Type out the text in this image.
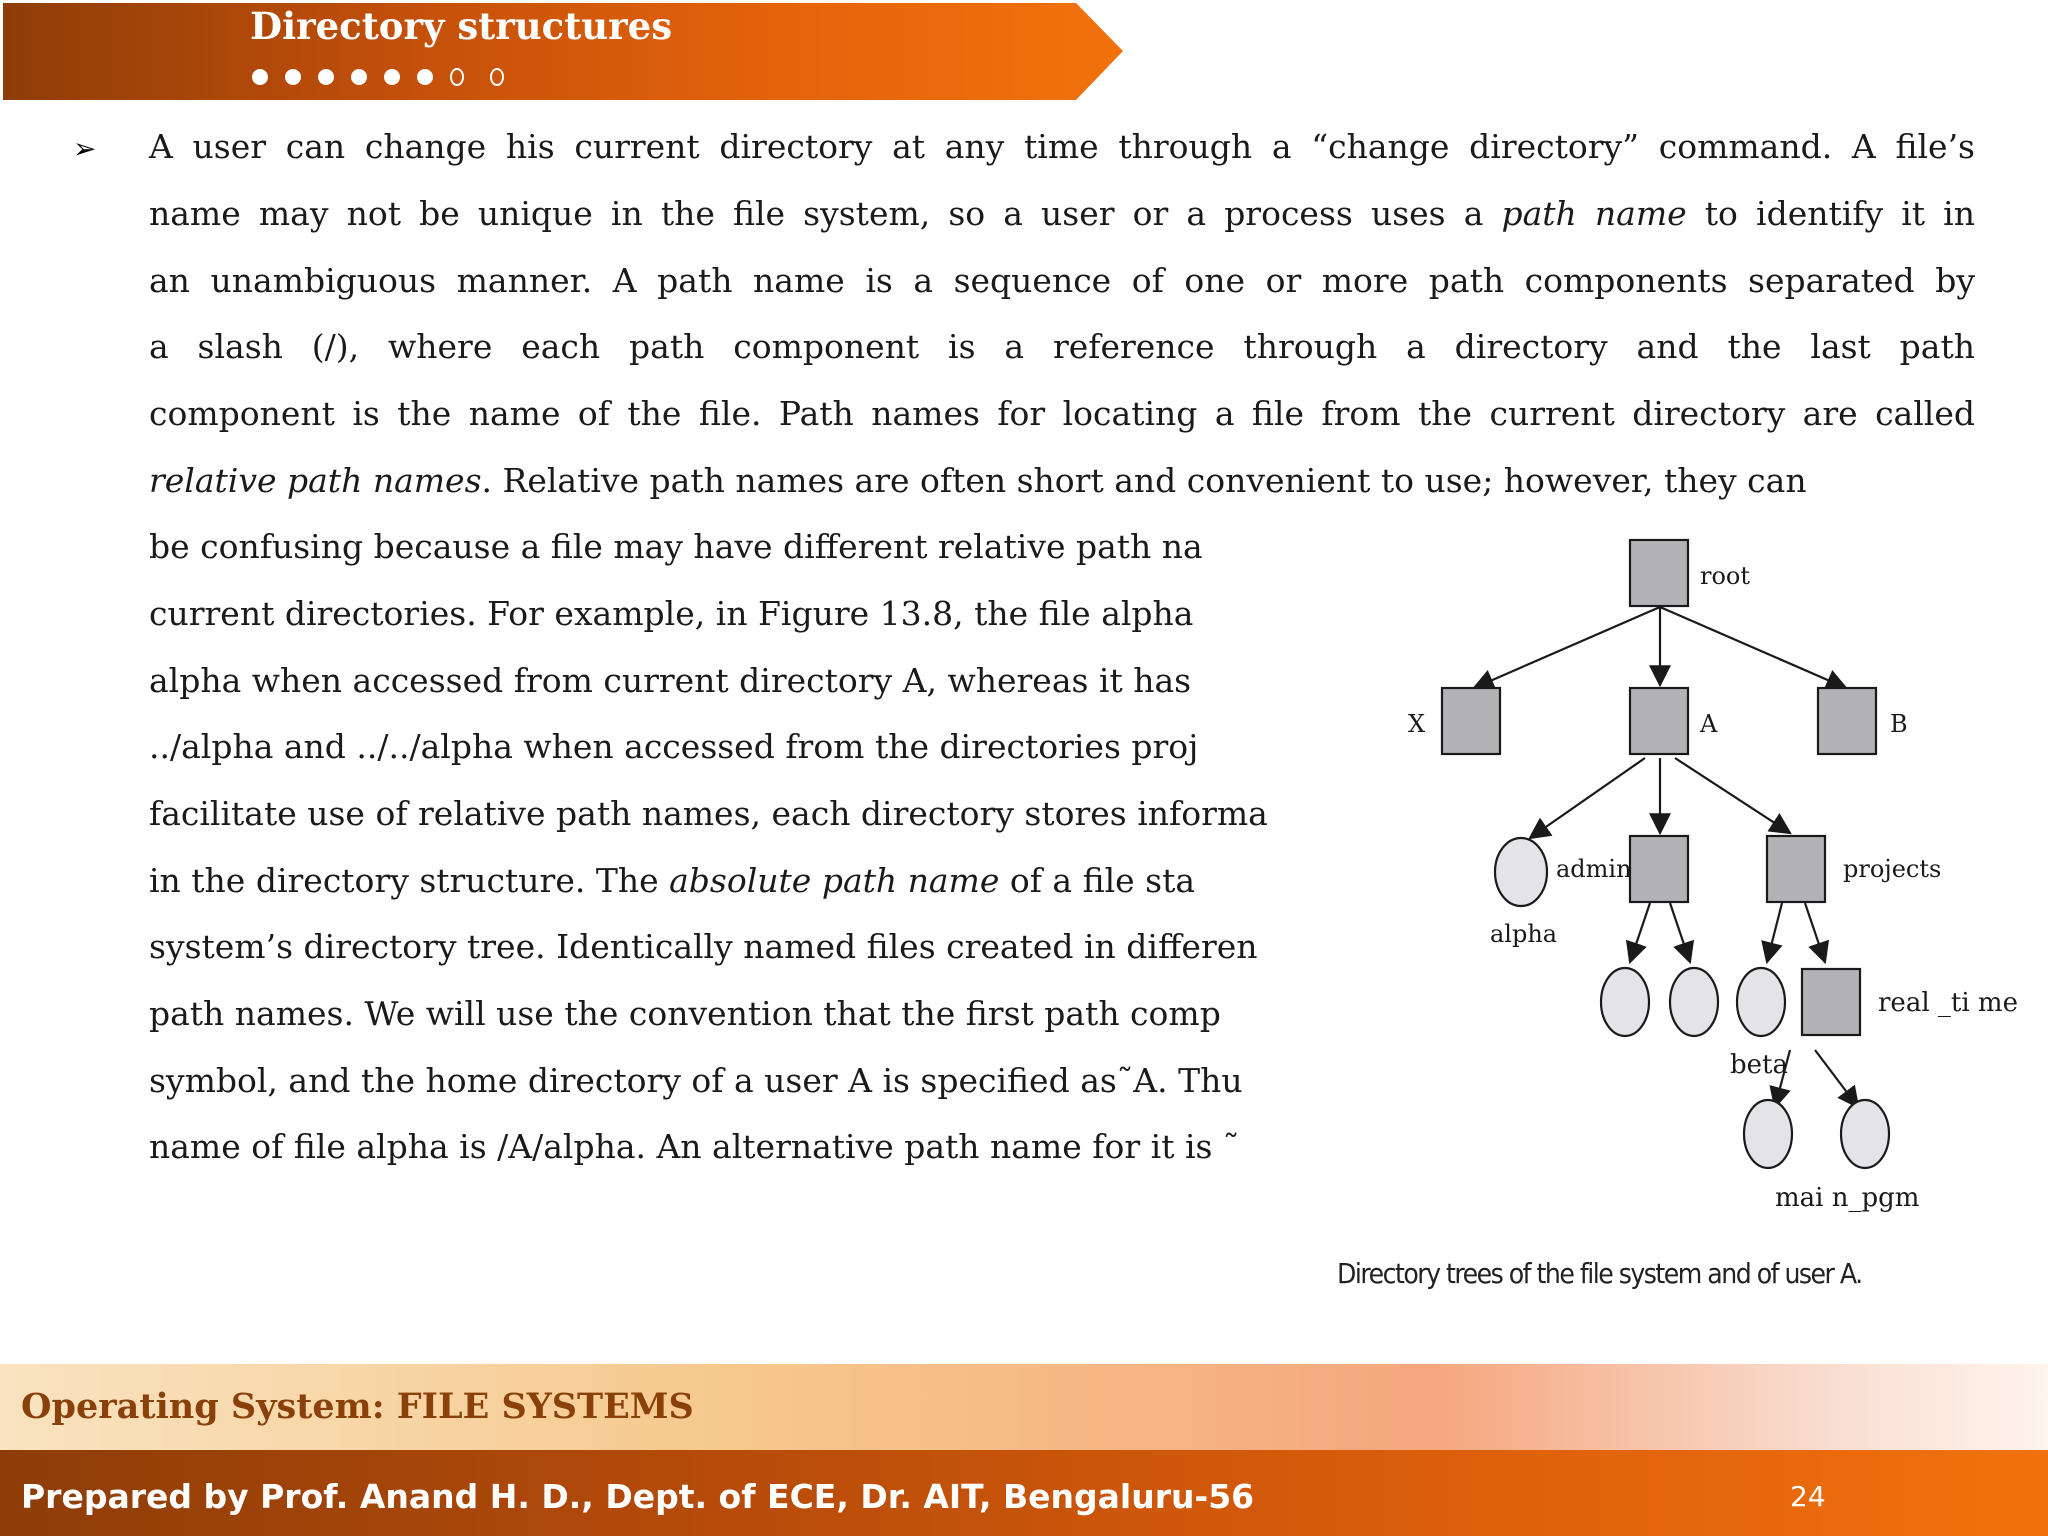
Directory structures
➢ A user can change his current directory at any time through a “change directory” command. A file’s
name may not be unique in the file system, so a user or a process uses a path name to identify it in
an unambiguous manner. A path name is a sequence of one or more path components separated by
a slash (/), where each path component is a reference through a directory and the last path
component is the name of the file. Path names for locating a file from the current directory are called
relative path names. Relative path names are often short and convenient to use; however, they can
be confusing because a file may have different relative path na
current directories. For example, in Figure 13.8, the file alpha
alpha when accessed from current directory A, whereas it has
../alpha and ../../alpha when accessed from the directories proj
facilitate use of relative path names, each directory stores informa
in the directory structure. The absolute path name of a file sta
system’s directory tree. Identically named files created in differen
path names. We will use the convention that the first path comp
symbol, and the home directory of a user A is specified as˜A. Thu
name of file alpha is /A/alpha. An alternative path name for it is ˜
root
X	A	B
admin
alpha
projects
beta
real _ti me
mai n_pgm
Directory trees of the file system and of user A.
Operating System: FILE SYSTEMS
Prepared by Prof. Anand H. D., Dept. of ECE, Dr. AIT, Bengaluru-56	24
